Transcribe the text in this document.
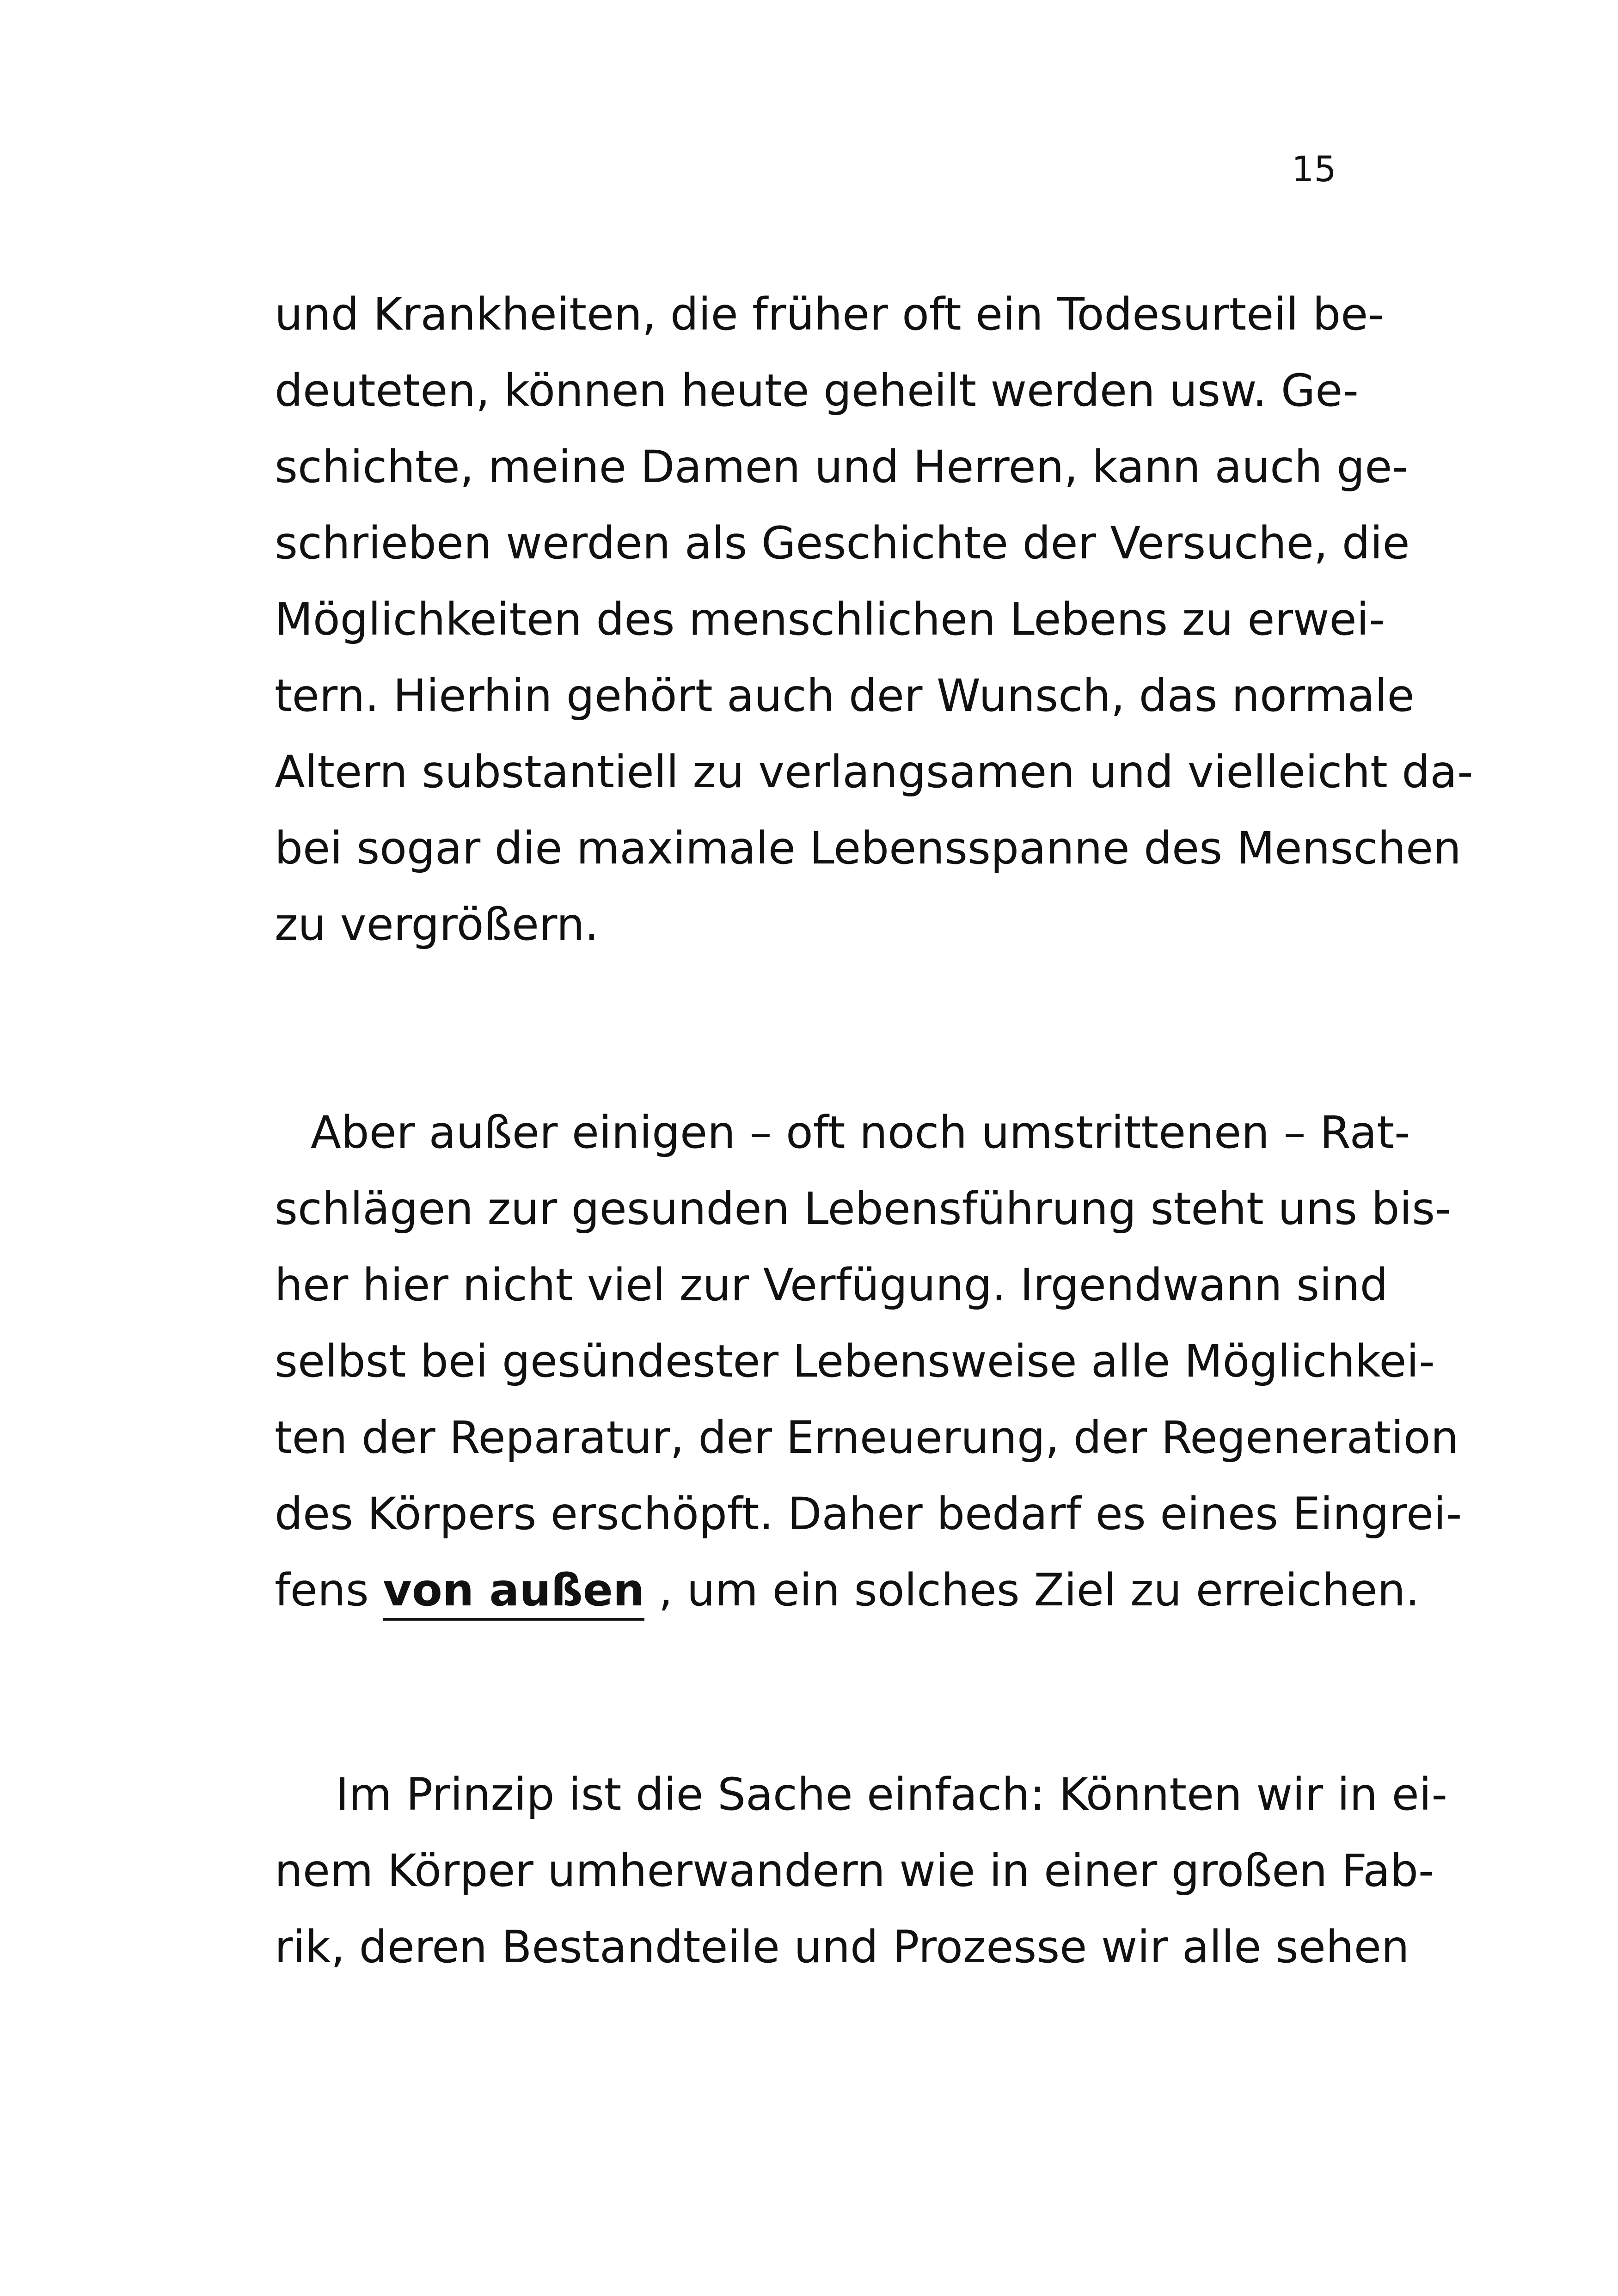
15
und Krankheiten, die früher oft ein Todesurteil be-
deuteten, können heute geheilt werden usw. Ge-
schichte, meine Damen und Herren, kann auch ge-
schrieben werden als Geschichte der Versuche, die
Möglichkeiten des menschlichen Lebens zu erwei-
tern. Hierhin gehört auch der Wunsch, das normale
Altern substantiell zu verlangsamen und vielleicht da-
bei sogar die maximale Lebensspanne des Menschen
zu vergrößern.
Aber außer einigen – oft noch umstrittenen – Rat-
schlägen zur gesunden Lebensführung steht uns bis-
her hier nicht viel zur Verfügung. Irgendwann sind
selbst bei gesündester Lebensweise alle Möglichkei-
ten der Reparatur, der Erneuerung, der Regeneration
des Körpers erschöpft. Daher bedarf es eines Eingrei-
fens von außen , um ein solches Ziel zu erreichen.
Im Prinzip ist die Sache einfach: Könnten wir in ei-
nem Körper umherwandern wie in einer großen Fab-
rik, deren Bestandteile und Prozesse wir alle sehen
